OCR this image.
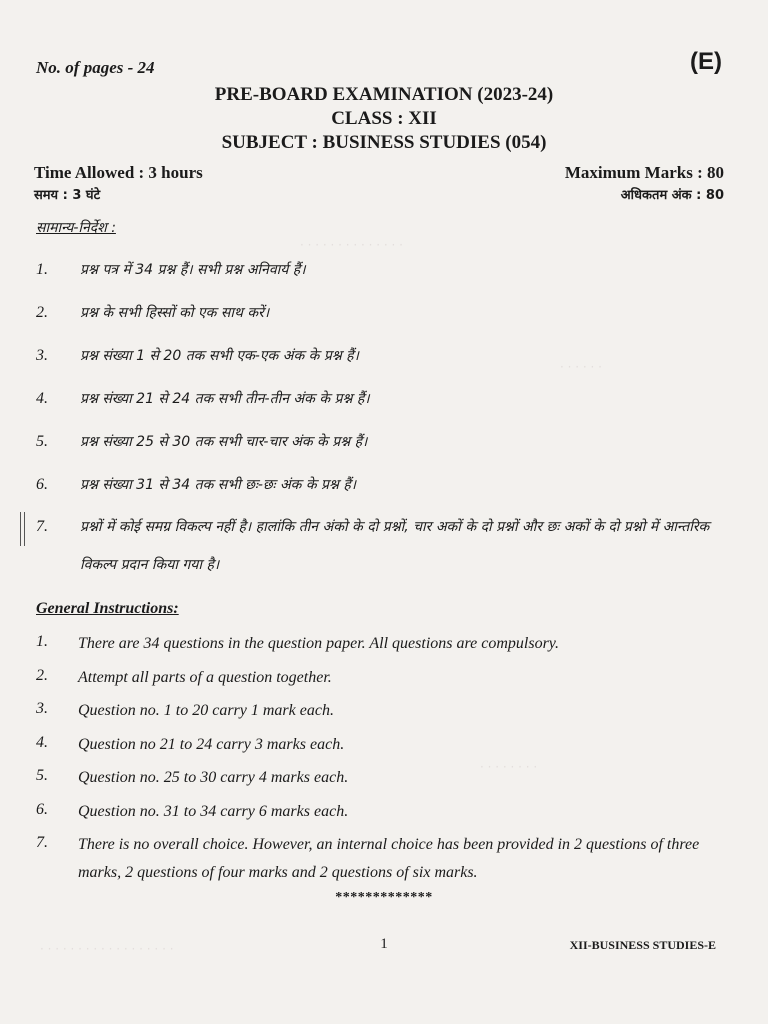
· · · · · · · · · · · · · ·
· · · · · ·
· · · · · · · ·
· · · · · · · · · · · · · · · · · ·
No. of pages - 24	(E)
PRE-BOARD EXAMINATION (2023-24)
CLASS : XII
SUBJECT : BUSINESS STUDIES (054)
Time Allowed : 3 hours
समय : 3 घंटे
Maximum Marks : 80
अधिकतम अंक : 80
सामान्य-निर्देश :
1. प्रश्न पत्र में 34 प्रश्न हैं। सभी प्रश्न अनिवार्य हैं।
2. प्रश्न के सभी हिस्सों को एक साथ करें।
3. प्रश्न संख्या 1 से 20 तक सभी एक-एक अंक के प्रश्न हैं।
4. प्रश्न संख्या 21 से 24 तक सभी तीन-तीन अंक के प्रश्न हैं।
5. प्रश्न संख्या 25 से 30 तक सभी चार-चार अंक के प्रश्न हैं।
6. प्रश्न संख्या 31 से 34 तक सभी छः-छः अंक के प्रश्न हैं।
7. प्रश्नों में कोई समग्र विकल्प नहीं है। हालांकि तीन अंको के दो प्रश्नों, चार अकों के दो प्रश्नों और छः अकों के दो प्रश्नो में आन्तरिक विकल्प प्रदान किया गया है।
General Instructions:
1. There are 34 questions in the question paper. All questions are compulsory.
2. Attempt all parts of a question together.
3. Question no. 1 to 20 carry 1 mark each.
4. Question no 21 to 24 carry 3 marks each.
5. Question no. 25 to 30 carry 4 marks each.
6. Question no. 31 to 34 carry 6 marks each.
7. There is no overall choice. However, an internal choice has been provided in 2 questions of three marks, 2 questions of four marks and 2 questions of six marks.
*************
1	XII-BUSINESS STUDIES-E
